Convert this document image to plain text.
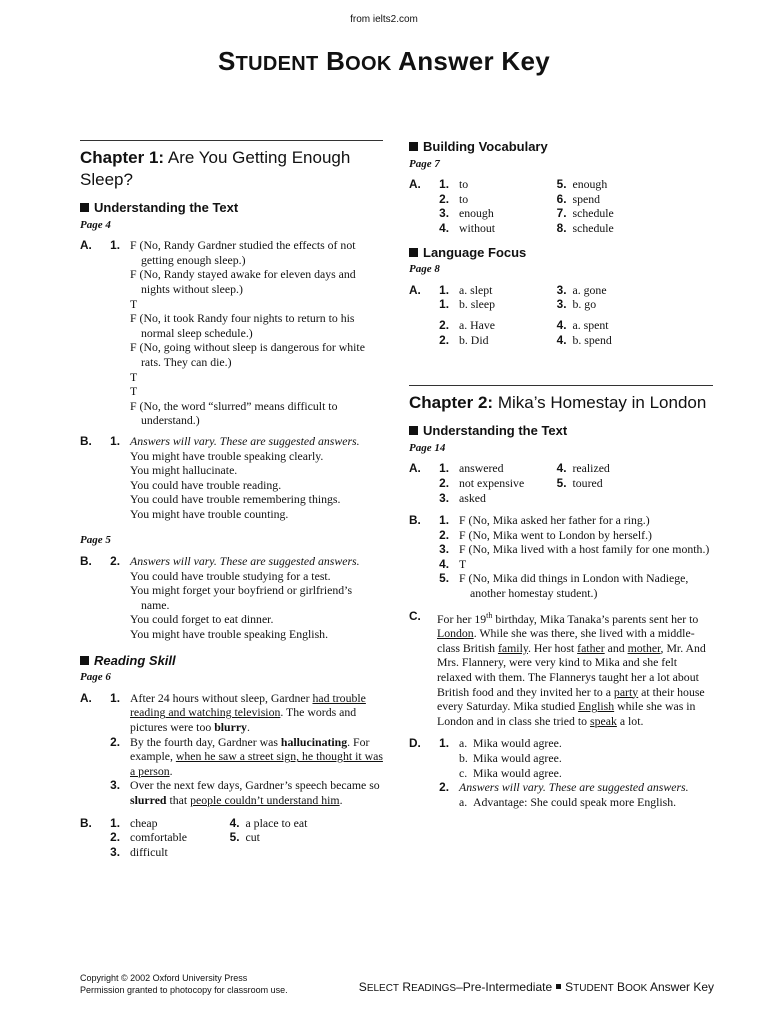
from ielts2.com
STUDENT BOOK Answer Key
Chapter 1: Are You Getting Enough Sleep?
Understanding the Text
Page 4
A.	1. F (No, Randy Gardner studied the effects of not getting enough sleep.)
F (No, Randy stayed awake for eleven days and nights without sleep.)
T
F (No, it took Randy four nights to return to his normal sleep schedule.)
F (No, going without sleep is dangerous for white rats. They can die.)
T
T
F (No, the word “slurred” means difficult to understand.)
B.	1. Answers will vary. These are suggested answers.
You might have trouble speaking clearly.
You might hallucinate.
You could have trouble reading.
You could have trouble remembering things.
You might have trouble counting.
Page 5
B.	2. Answers will vary. These are suggested answers.
You could have trouble studying for a test.
You might forget your boyfriend or girlfriend’s name.
You could forget to eat dinner.
You might have trouble speaking English.
Reading Skill
Page 6
A.	1. After 24 hours without sleep, Gardner had trouble reading and watching television. The words and pictures were too blurry.
2. By the fourth day, Gardner was hallucinating. For example, when he saw a street sign, he thought it was a person.
3. Over the next few days, Gardner’s speech became so slurred that people couldn’t understand him.
B.	1. cheap
2. comfortable
3. difficult
4. a place to eat
5. cut
Building Vocabulary
Page 7
A.	1. to
2. to
3. enough
4. without
5. enough
6. spend
7. schedule
8. schedule
Language Focus
Page 8
A.	1. a. slept
1. b. sleep
2. a. Have
2. b. Did
3. a. gone
3. b. go
4. a. spent
4. b. spend
Chapter 2: Mika’s Homestay in London
Understanding the Text
Page 14
A.	1. answered
2. not expensive
3. asked
4. realized
5. toured
B.	1. F (No, Mika asked her father for a ring.)
2. F (No, Mika went to London by herself.)
3. F (No, Mika lived with a host family for one month.)
4. T
5. F (No, Mika did things in London with Nadiege, another homestay student.)
C. For her 19th birthday, Mika Tanaka’s parents sent her to London. While she was there, she lived with a middle-class British family. Her host father and mother, Mr. And Mrs. Flannery, were very kind to Mika and she felt relaxed with them. The Flannerys taught her a lot about British food and they invited her to a party at their house every Saturday. Mika studied English while she was in London and in class she tried to speak a lot.
D.	1. a. Mika would agree.
b. Mika would agree.
c. Mika would agree.
2. Answers will vary. These are suggested answers.
a. Advantage: She could speak more English.
Copyright © 2002 Oxford University Press
Permission granted to photocopy for classroom use.	SELECT READINGS–Pre-Intermediate STUDENT BOOK Answer Key
